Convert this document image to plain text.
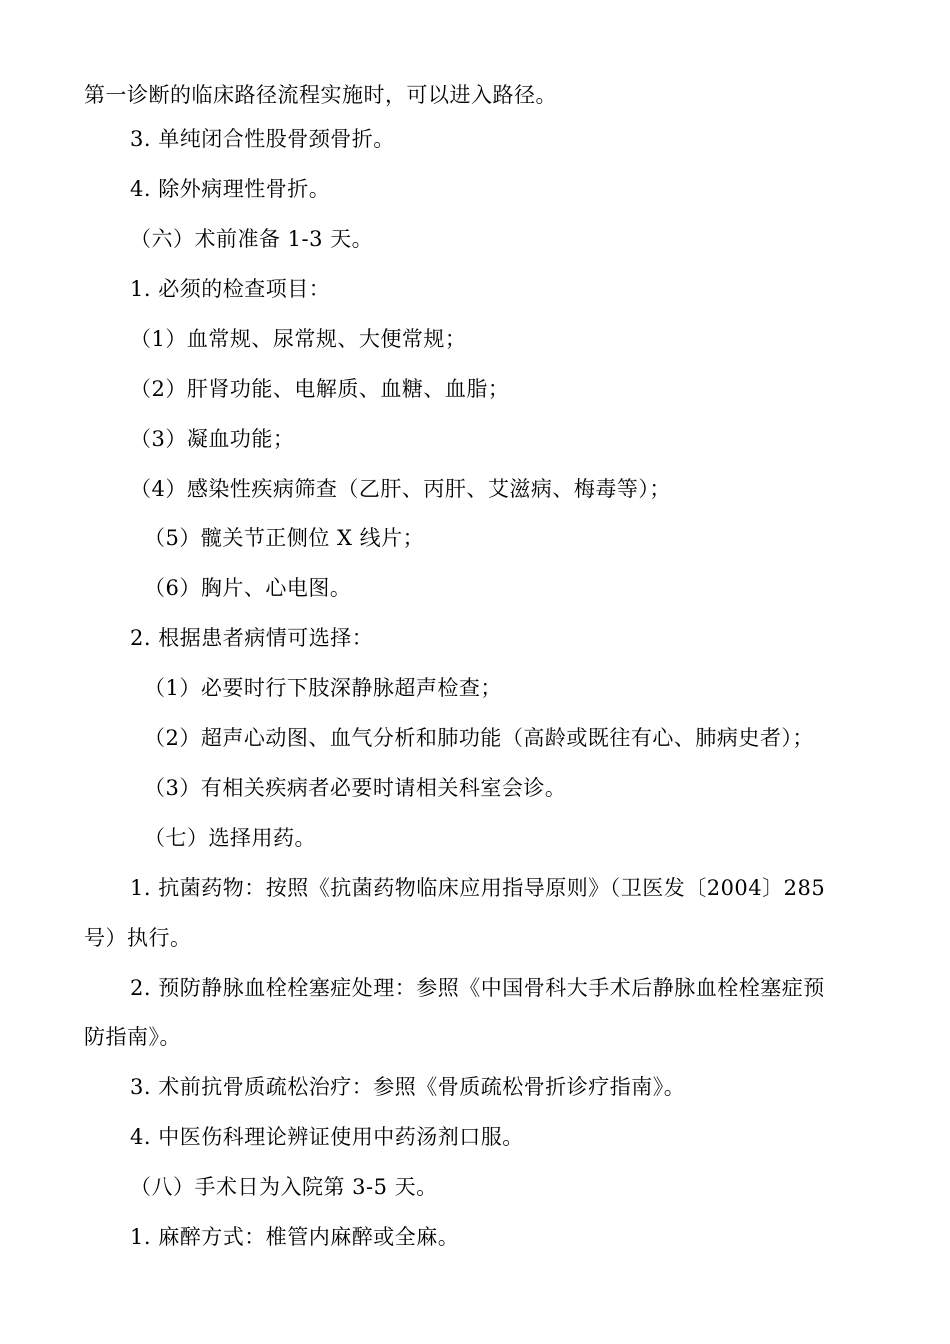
第一诊断的临床路径流程实施时，可以进入路径。
3. 单纯闭合性股骨颈骨折。
4. 除外病理性骨折。
（六）术前准备 1-3 天。
1. 必须的检查项目：
（1）血常规、尿常规、大便常规；
（2）肝肾功能、电解质、血糖、血脂；
（3）凝血功能；
（4）感染性疾病筛查（乙肝、丙肝、艾滋病、梅毒等）；
（5）髋关节正侧位 X 线片；
（6）胸片、心电图。
2. 根据患者病情可选择：
（1）必要时行下肢深静脉超声检查；
（2）超声心动图、血气分析和肺功能（高龄或既往有心、肺病史者）；
（3）有相关疾病者必要时请相关科室会诊。
（七）选择用药。
1. 抗菌药物：按照《抗菌药物临床应用指导原则》（卫医发〔2004〕285
号）执行。
2. 预防静脉血栓栓塞症处理：参照《中国骨科大手术后静脉血栓栓塞症预
防指南》。
3. 术前抗骨质疏松治疗：参照《骨质疏松骨折诊疗指南》。
4. 中医伤科理论辨证使用中药汤剂口服。
（八）手术日为入院第 3-5 天。
1. 麻醉方式：椎管内麻醉或全麻。
